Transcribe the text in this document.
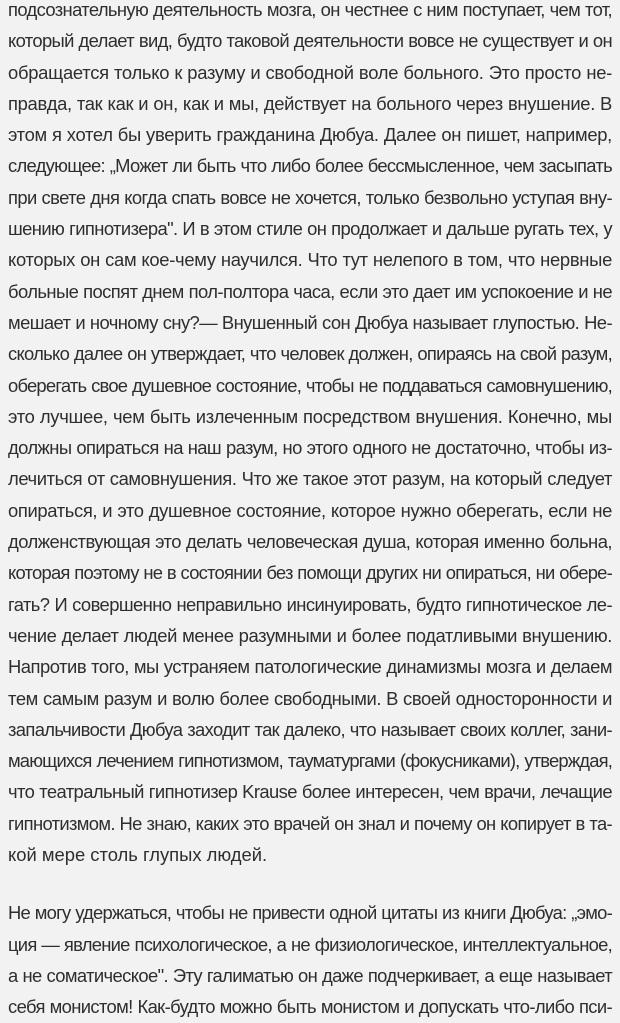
подсознательную деятельность мозга, он честнее с ним поступает, чем тот,
который делает вид, будто таковой деятельности вовсе не существует и он
обращается только к разуму и свободной воле больного. Это просто не-
правда, так как и он, как и мы, действует на больного через внушение. В
этом я хотел бы уверить гражданина Дюбуа. Далее он пишет, например,
следующее: „Может ли быть что либо более бессмысленное, чем засыпать
при свете дня когда спать вовсе не хочется, только безвольно уступая вну-
шению гипнотизера". И в этом стиле он продолжает и дальше ругать тех, у
которых он сам кое-чему научился. Что тут нелепого в том, что нервные
больные поспят днем пол-полтора часа, если это дает им успокоение и не
мешает и ночному сну?— Внушенный сон Дюбуа называет глупостью. Не-
сколько далее он утверждает, что человек должен, опираясь на свой разум,
оберегать свое душевное состояние, чтобы не поддаваться самовнушению,
это лучшее, чем быть излеченным посредством внушения. Конечно, мы
должны опираться на наш разум, но этого одного не достаточно, чтобы из-
лечиться от самовнушения. Что же такое этот разум, на который следует
опираться, и это душевное состояние, которое нужно оберегать, если не
долженствующая это делать человеческая душа, которая именно больна,
которая поэтому не в состоянии без помощи других ни опираться, ни обере-
гать? И совершенно неправильно инсинуировать, будто гипнотическое ле-
чение делает людей менее разумными и более податливыми внушению.
Напротив того, мы устраняем патологические динамизмы мозга и делаем
тем самым разум и волю более свободными. В своей односторонности и
запальчивости Дюбуа заходит так далеко, что называет своих коллег, зани-
мающихся лечением гипнотизмом, тауматургами (фокусниками), утверждая,
что театральный гипнотизер Krause более интересен, чем врачи, лечащие
гипнотизмом. Не знаю, каких это врачей он знал и почему он копирует в та-
кой мере столь глупых людей.
Не могу удержаться, чтобы не привести одной цитаты из книги Дюбуа: „эмо-
ция — явление психологическое, а не физиологическое, интеллектуальное,
а не соматическое". Эту галиматью он даже подчеркивает, а еще называет
себя монистом! Как-будто можно быть монистом и допускать что-либо пси-
